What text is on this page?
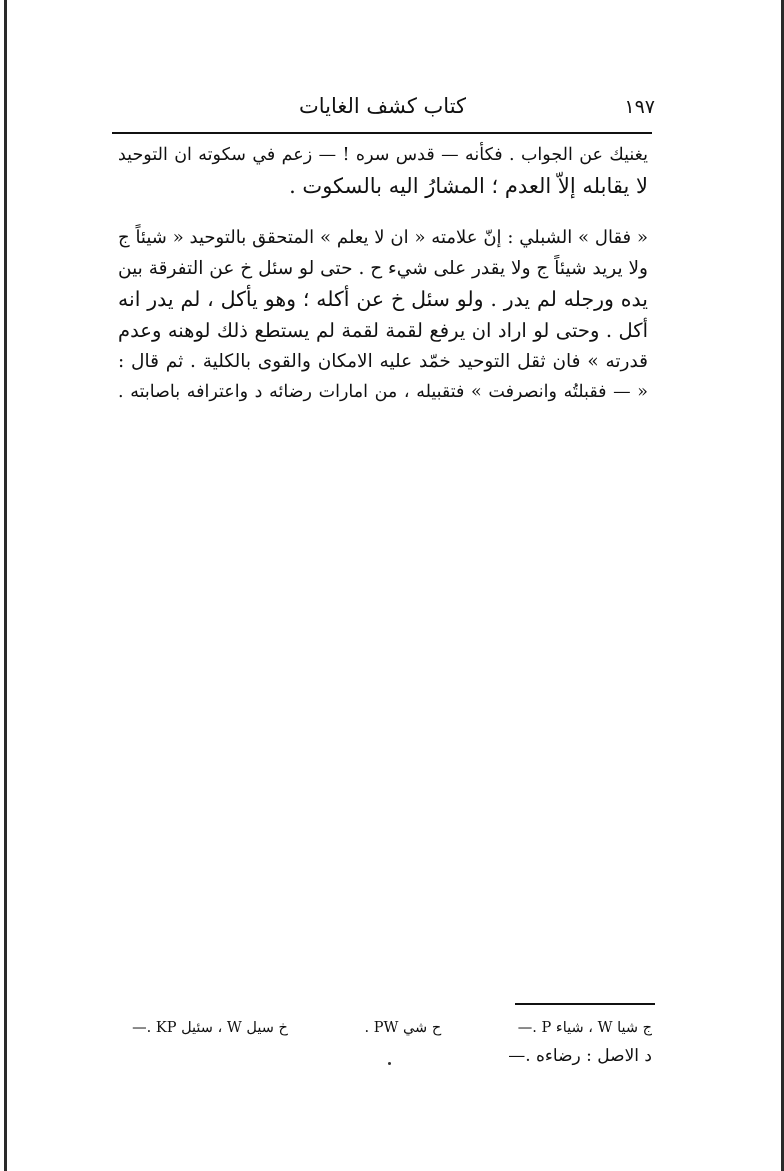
١٩٧
كتاب كشف الغايات
يغنيك عن الجواب . فكأنه — قدس سره ! — زعم في سكوته ان التوحيد
لا يقابله إلاّ العدم ؛ المشارُ اليه بالسكوت .
« فقال » الشبلي : إنّ علامته « ان لا يعلم » المتحقق بالتوحيد « شيئاً ج
ولا يريد شيئاً ج ولا يقدر على شيء ح . حتى لو سئل خ عن التفرقة بين
يده ورجله لم يدر . ولو سئل خ عن أكله ؛ وهو يأكل ، لم يدر انه
أكل . وحتى لو اراد ان يرفع لقمة لقمة لم يستطع ذلك لوهنه وعدم
قدرته » فان ثقل التوحيد خمّد عليه الامكان والقوى بالكلية . ثم قال :
« — فقبلتُه وانصرفت » فتقبيله ، من امارات رضائه د واعترافه باصابته .
ج شيا W ، شياء P .— ح شي PW . خ سيل W ، سئيل KP .—
د الاصل : رضاءه .—
